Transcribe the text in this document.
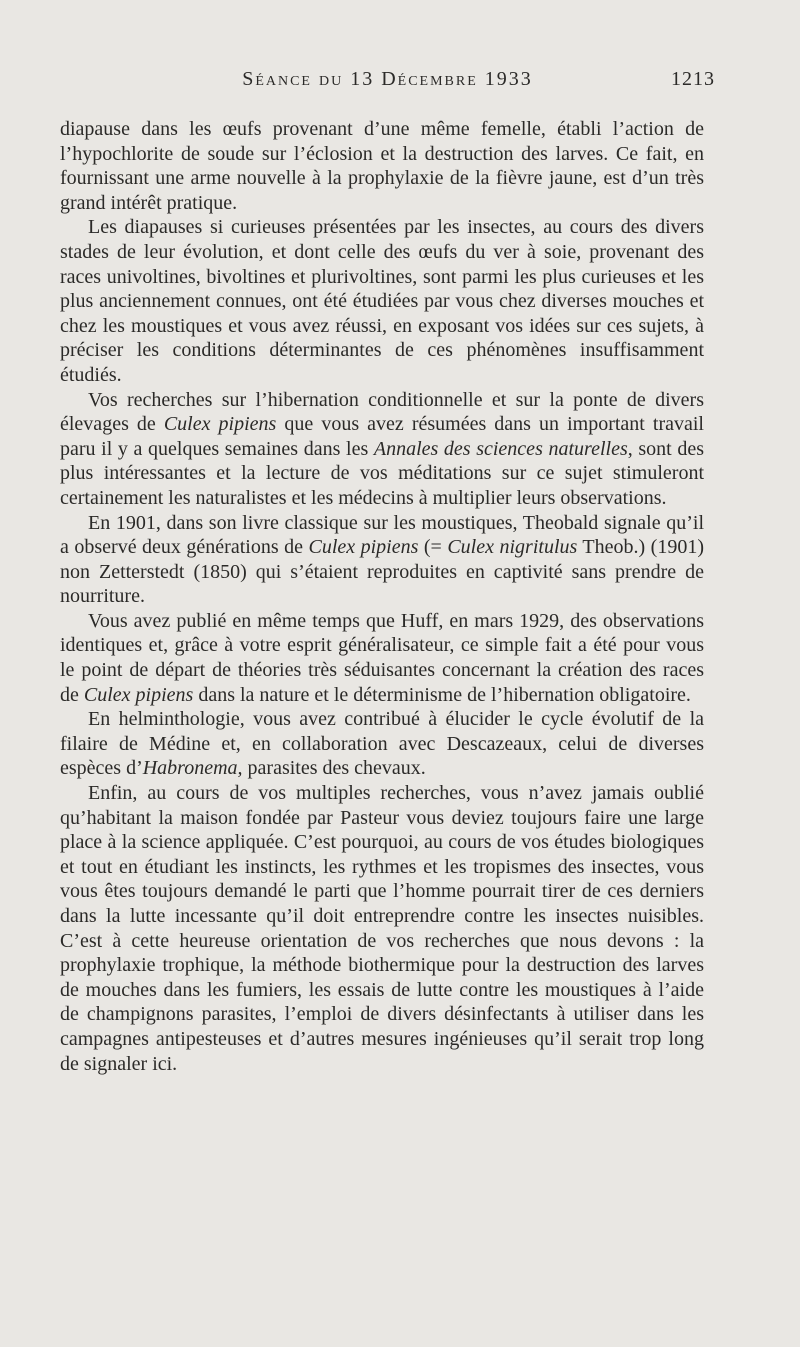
Séance du 13 Décembre 1933	1213

diapause dans les œufs provenant d’une même femelle, établi l’action de l’hypochlorite de soude sur l’éclosion et la destruction des larves. Ce fait, en fournissant une arme nouvelle à la prophylaxie de la fièvre jaune, est d’un très grand intérêt pratique.

Les diapauses si curieuses présentées par les insectes, au cours des divers stades de leur évolution, et dont celle des œufs du ver à soie, provenant des races univoltines, bivoltines et plurivoltines, sont parmi les plus curieuses et les plus anciennement connues, ont été étudiées par vous chez diverses mouches et chez les moustiques et vous avez réussi, en exposant vos idées sur ces sujets, à préciser les conditions déterminantes de ces phénomènes insuffisamment étudiés.

Vos recherches sur l’hibernation conditionnelle et sur la ponte de divers élevages de Culex pipiens que vous avez résumées dans un important travail paru il y a quelques semaines dans les Annales des sciences naturelles, sont des plus intéressantes et la lecture de vos méditations sur ce sujet stimuleront certainement les naturalistes et les médecins à multiplier leurs observations.

En 1901, dans son livre classique sur les moustiques, Theobald signale qu’il a observé deux générations de Culex pipiens (= Culex nigritulus Theob.) (1901) non Zetterstedt (1850) qui s’étaient reproduites en captivité sans prendre de nourriture.

Vous avez publié en même temps que Huff, en mars 1929, des observations identiques et, grâce à votre esprit généralisateur, ce simple fait a été pour vous le point de départ de théories très séduisantes concernant la création des races de Culex pipiens dans la nature et le déterminisme de l’hibernation obligatoire.

En helminthologie, vous avez contribué à élucider le cycle évolutif de la filaire de Médine et, en collaboration avec Descazeaux, celui de diverses espèces d’Habronema, parasites des chevaux.

Enfin, au cours de vos multiples recherches, vous n’avez jamais oublié qu’habitant la maison fondée par Pasteur vous deviez toujours faire une large place à la science appliquée. C’est pourquoi, au cours de vos études biologiques et tout en étudiant les instincts, les rythmes et les tropismes des insectes, vous vous êtes toujours demandé le parti que l’homme pourrait tirer de ces derniers dans la lutte incessante qu’il doit entreprendre contre les insectes nuisibles. C’est à cette heureuse orientation de vos recherches que nous devons : la prophylaxie trophique, la méthode biothermique pour la destruction des larves de mouches dans les fumiers, les essais de lutte contre les moustiques à l’aide de champignons parasites, l’emploi de divers désinfectants à utiliser dans les campagnes antipesteuses et d’autres mesures ingénieuses qu’il serait trop long de signaler ici.
